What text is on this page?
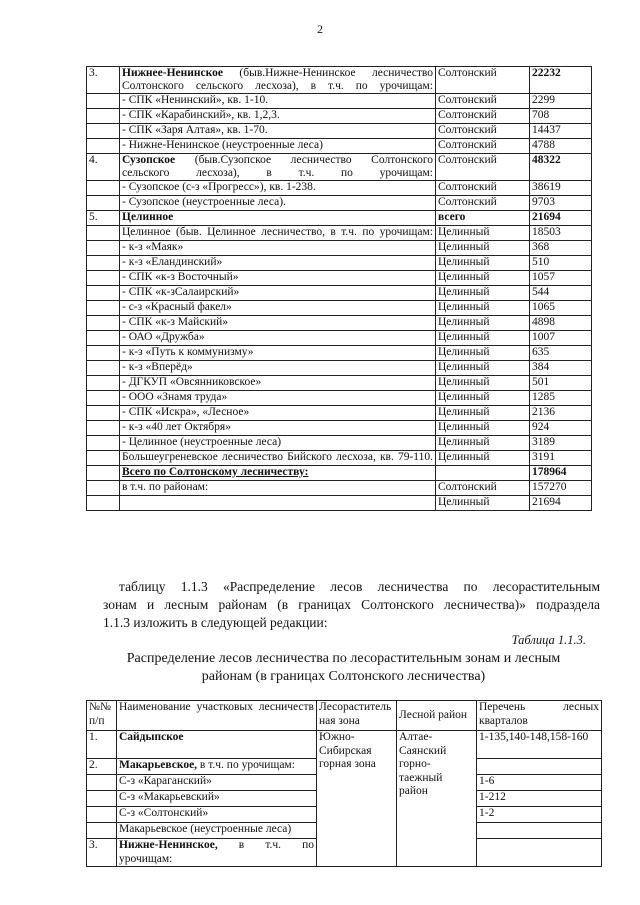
2
3.	Нижнее-Ненинское (быв.Нижне-Ненинское лесничество Солтонского сельского лесхоза), в т.ч. по урочищам:	Солтонский	22232
	- СПК «Ненинский», кв. 1-10.	Солтонский	2299
	- СПК «Карабинский», кв. 1,2,3.	Солтонский	708
	- СПК «Заря Алтая», кв. 1-70.	Солтонский	14437
	- Нижне-Ненинское (неустроенные леса)	Солтонский	4788
4.	Сузопское (быв.Сузопское лесничество Солтонского сельского лесхоза), в т.ч. по урочищам:	Солтонский	48322
	- Сузопское (с-з «Прогресс»), кв. 1-238.	Солтонский	38619
	- Сузопское (неустроенные леса).	Солтонский	9703
5.	Целинное	всего	21694
	Целинное (быв. Целинное лесничество, в т.ч. по урочищам:	Целинный	18503
	- к-з «Маяк»	Целинный	368
	- к-з «Еландинский»	Целинный	510
	- СПК «к-з Восточный»	Целинный	1057
	- СПК «к-зСалаирский»	Целинный	544
	- с-з «Красный факел»	Целинный	1065
	- СПК «к-з Майский»	Целинный	4898
	- ОАО «Дружба»	Целинный	1007
	- к-з «Путь к коммунизму»	Целинный	635
	- к-з «Вперёд»	Целинный	384
	- ДГКУП «Овсянниковское»	Целинный	501
	- ООО «Знамя труда»	Целинный	1285
	- СПК «Искра», «Лесное»	Целинный	2136
	- к-з «40 лет Октября»	Целинный	924
	- Целинное (неустроенные леса)	Целинный	3189
	Большеугреневское лесничество Бийского лесхоза, кв. 79-110.	Целинный	3191
	Всего по Солтонскому лесничеству:		178964
	в т.ч. по районам:	Солтонский	157270
		Целинный	21694
таблицу 1.1.3 «Распределение лесов лесничества по лесорастительным
зонам и лесным районам (в границах Солтонского лесничества)» подраздела
1.1.3 изложить в следующей редакции:
Таблица 1.1.3.
Распределение лесов лесничества по лесорастительным зонам и лесным
районам (в границах Солтонского лесничества)
№№ п/п	Наименование участковых лесничеств	Лесорастительная зона	Лесной район	Перечень лесных кварталов
1.	Сайдыпское	Южно-Сибирская горная зона	Алтае-Саянский горно-таежный район	1-135,140-148,158-160
2.	Макарьевское, в т.ч. по урочищам:			
	С-з «Караганский»			1-6
	С-з «Макарьевский»			1-212
	С-з «Солтонский»			1-2
	Макарьевское (неустроенные леса)			
3.	Нижне-Ненинское, в т.ч. по урочищам:			
